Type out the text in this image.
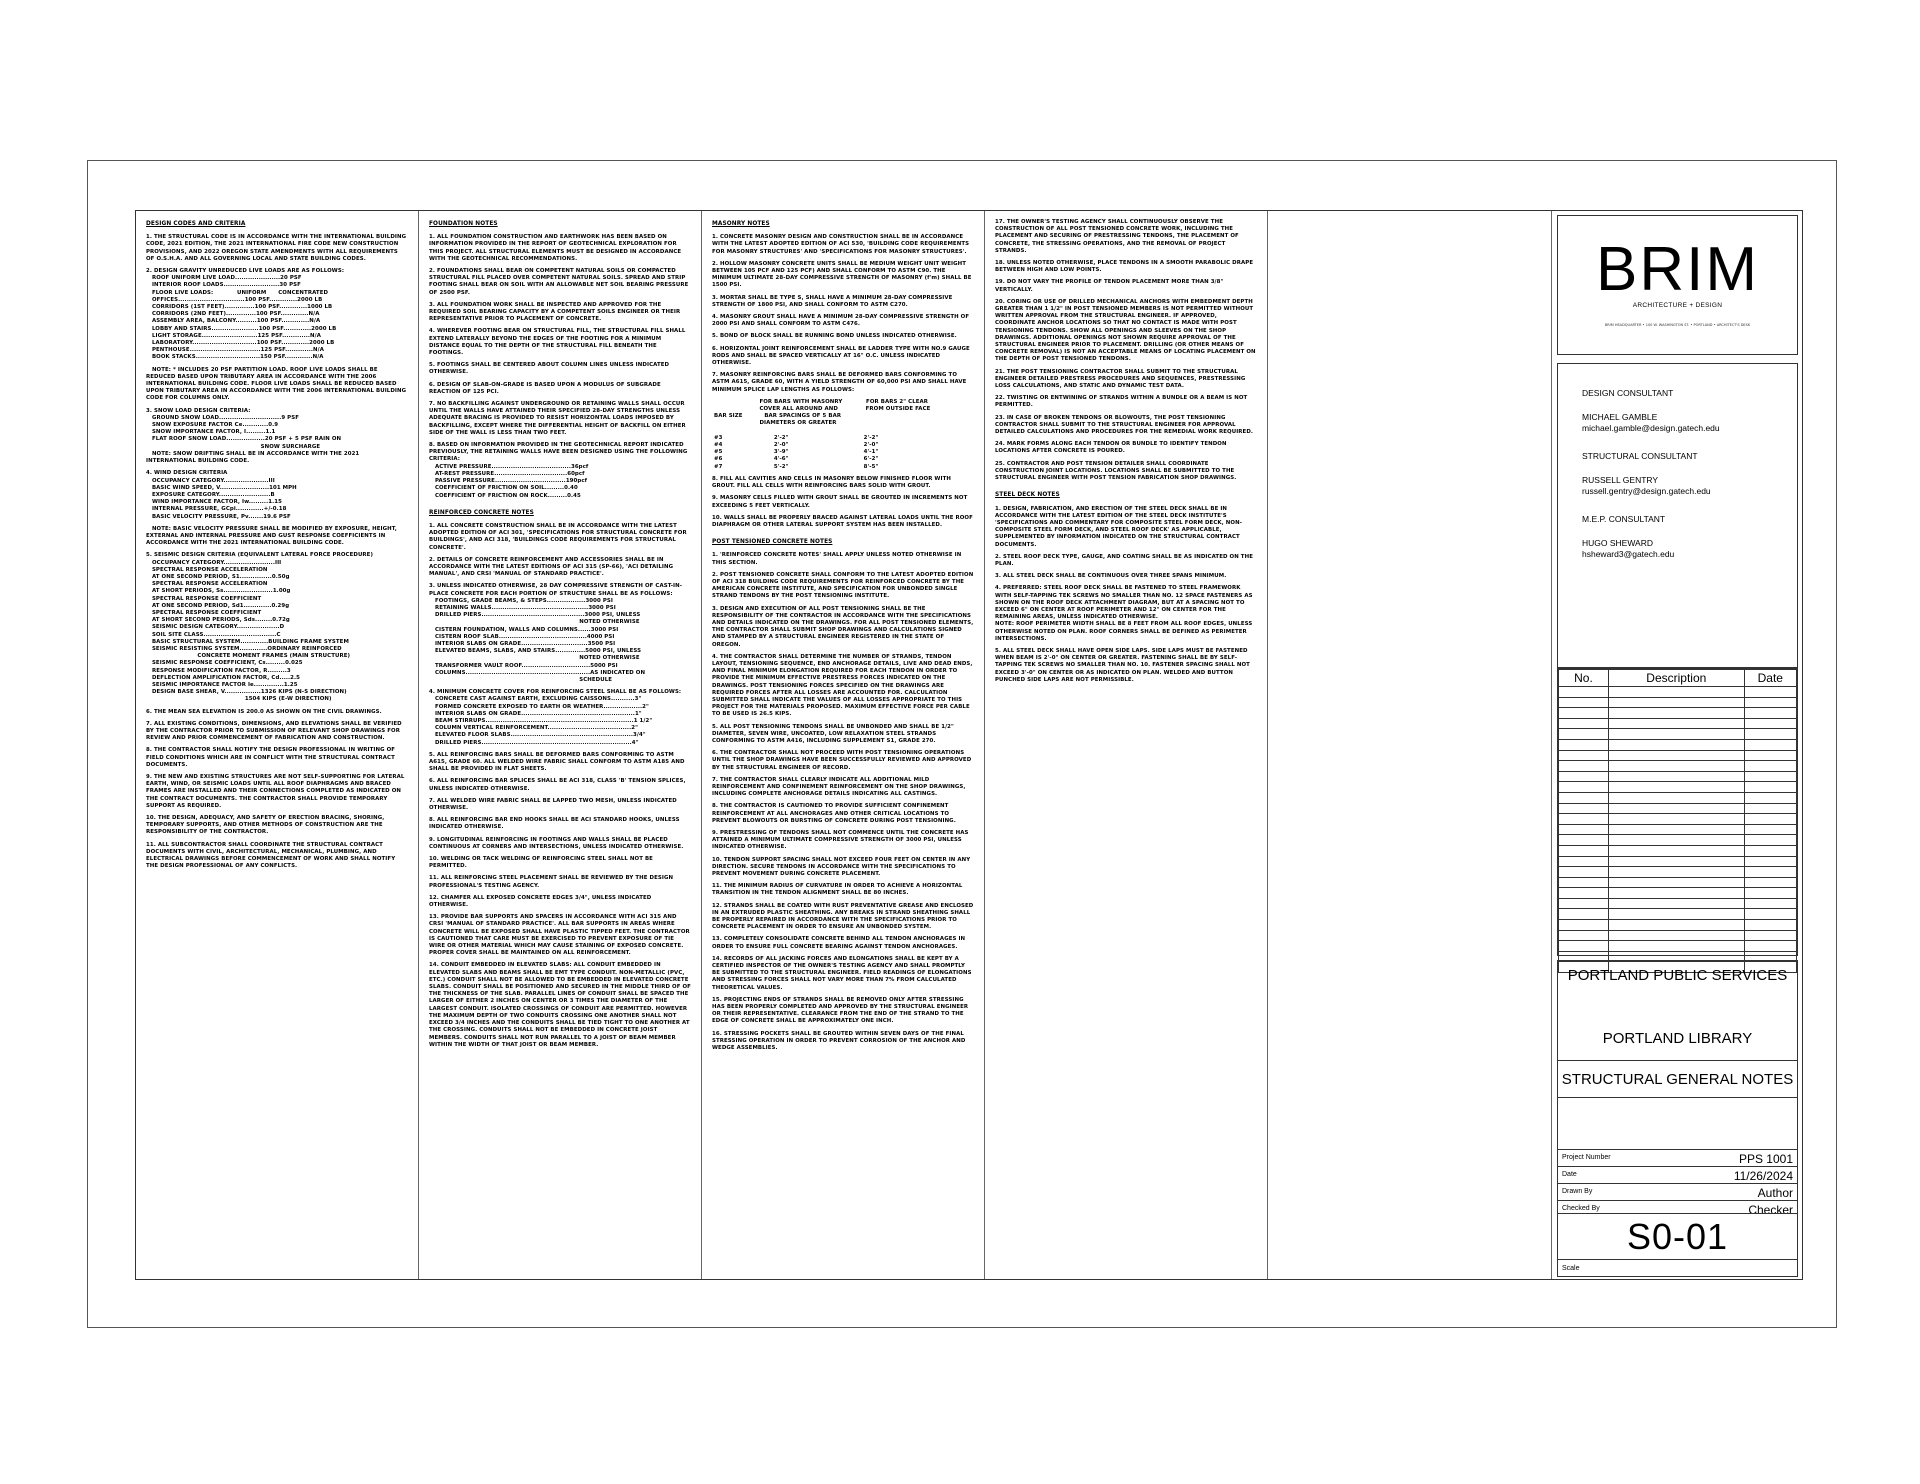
DESIGN CODES AND CRITERIA

1. THE STRUCTURAL CODE IS IN ACCORDANCE WITH THE INTERNATIONAL BUILDING CODE, 2021 EDITION, THE 2021 INTERNATIONAL FIRE CODE NEW CONSTRUCTION PROVISIONS, AND 2022 OREGON STATE AMENDMENTS WITH ALL REQUIREMENTS OF O.S.H.A. AND ALL GOVERNING LOCAL AND STATE BUILDING CODES.

2. DESIGN GRAVITY UNREDUCED LIVE LOADS ARE AS FOLLOWS:
ROOF UNIFORM LIVE LOAD.....................20 PSF
INTERIOR ROOF LOADS..........................30 PSF
FLOOR LIVE LOADS:            UNIFORM      CONCENTRATED
OFFICES...............................100 PSF.............2000 LB
CORRIDORS (1ST FEET)..............100 PSF.............1000 LB
CORRIDORS (2ND FEET)..............100 PSF.............N/A
ASSEMBLY AREA, BALCONY..........100 PSF.............N/A
LOBBY AND STAIRS......................100 PSF.............2000 LB
LIGHT STORAGE..........................125 PSF.............N/A
LABORATORY..............................100 PSF.............2000 LB
PENTHOUSE.................................125 PSF.............N/A
BOOK STACKS..............................150 PSF.............N/A

NOTE: * INCLUDES 20 PSF PARTITION LOAD. ROOF LIVE LOADS SHALL BE REDUCED BASED UPON TRIBUTARY AREA IN ACCORDANCE WITH THE 2006 INTERNATIONAL BUILDING CODE. FLOOR LIVE LOADS SHALL BE REDUCED BASED UPON TRIBUTARY AREA IN ACCORDANCE WITH THE 2006 INTERNATIONAL BUILDING CODE FOR COLUMNS ONLY.

3. SNOW LOAD DESIGN CRITERIA:
GROUND SNOW LOAD.............................9 PSF
SNOW EXPOSURE FACTOR Ce............0.9
SNOW IMPORTANCE FACTOR, I.........1.1
FLAT ROOF SNOW LOAD..................20 PSF + 5 PSF RAIN ON
SNOW SURCHARGE
NOTE: SNOW DRIFTING SHALL BE IN ACCORDANCE WITH THE 2021 INTERNATIONAL BUILDING CODE.

4. WIND DESIGN CRITERIA
OCCUPANCY CATEGORY.....................III
BASIC WIND SPEED, V.......................101 MPH
EXPOSURE CATEGORY........................B
WIND IMPORTANCE FACTOR, Iw.........1.15
INTERNAL PRESSURE, GCpi.............+/-0.18
BASIC VELOCITY PRESSURE, Pv.......19.6 PSF

NOTE: BASIC VELOCITY PRESSURE SHALL BE MODIFIED BY EXPOSURE, HEIGHT, EXTERNAL AND INTERNAL PRESSURE AND GUST RESPONSE COEFFICIENTS IN ACCORDANCE WITH THE 2021 INTERNATIONAL BUILDING CODE.

5. SEISMIC DESIGN CRITERIA (EQUIVALENT LATERAL FORCE PROCEDURE)
OCCUPANCY CATEGORY........................III
SPECTRAL RESPONSE ACCELERATION
AT ONE SECOND PERIOD, S1...............0.50g
SPECTRAL RESPONSE ACCELERATION
AT SHORT PERIODS, Ss.......................1.00g
SPECTRAL RESPONSE COEFFICIENT
AT ONE SECOND PERIOD, Sd1.............0.29g
SPECTRAL RESPONSE COEFFICIENT
AT SHORT SECOND PERIODS, Sds........0.72g
SEISMIC DESIGN CATEGORY....................D
SOIL SITE CLASS..................................C
BASIC STRUCTURAL SYSTEM.............BUILDING FRAME SYSTEM
SEISMIC RESISTING SYSTEM.............ORDINARY REINFORCED
CONCRETE MOMENT FRAMES (MAIN STRUCTURE)
SEISMIC RESPONSE COEFFICIENT, Cs.........0.025
RESPONSE MODIFICATION FACTOR, R.........3
DEFLECTION AMPLIFICATION FACTOR, Cd.....2.5
SEISMIC IMPORTANCE FACTOR Ie..............1.25
DESIGN BASE SHEAR, V.................1326 KIPS (N-S DIRECTION)
1504 KIPS (E-W DIRECTION)

6. THE MEAN SEA ELEVATION IS 200.0 AS SHOWN ON THE CIVIL DRAWINGS.

7. ALL EXISTING CONDITIONS, DIMENSIONS, AND ELEVATIONS SHALL BE VERIFIED BY THE CONTRACTOR PRIOR TO SUBMISSION OF RELEVANT SHOP DRAWINGS FOR REVIEW AND PRIOR COMMENCEMENT OF FABRICATION AND CONSTRUCTION.

8. THE CONTRACTOR SHALL NOTIFY THE DESIGN PROFESSIONAL IN WRITING OF FIELD CONDITIONS WHICH ARE IN CONFLICT WITH THE STRUCTURAL CONTRACT DOCUMENTS.

9. THE NEW AND EXISTING STRUCTURES ARE NOT SELF-SUPPORTING FOR LATERAL EARTH, WIND, OR SEISMIC LOADS UNTIL ALL ROOF DIAPHRAGMS AND BRACED FRAMES ARE INSTALLED AND THEIR CONNECTIONS COMPLETED AS INDICATED ON THE CONTRACT DOCUMENTS. THE CONTRACTOR SHALL PROVIDE TEMPORARY SUPPORT AS REQUIRED.

10. THE DESIGN, ADEQUACY, AND SAFETY OF ERECTION BRACING, SHORING, TEMPORARY SUPPORTS, AND OTHER METHODS OF CONSTRUCTION ARE THE RESPONSIBILITY OF THE CONTRACTOR.

11. ALL SUBCONTRACTOR SHALL COORDINATE THE STRUCTURAL CONTRACT DOCUMENTS WITH CIVIL, ARCHITECTURAL, MECHANICAL, PLUMBING, AND ELECTRICAL DRAWINGS BEFORE COMMENCEMENT OF WORK AND SHALL NOTIFY THE DESIGN PROFESSIONAL OF ANY CONFLICTS.

FOUNDATION NOTES

1. ALL FOUNDATION CONSTRUCTION AND EARTHWORK HAS BEEN BASED ON INFORMATION PROVIDED IN THE REPORT OF GEOTECHNICAL EXPLORATION FOR THIS PROJECT. ALL STRUCTURAL ELEMENTS MUST BE DESIGNED IN ACCORDANCE WITH THE GEOTECHNICAL RECOMMENDATIONS.

2. FOUNDATIONS SHALL BEAR ON COMPETENT NATURAL SOILS OR COMPACTED STRUCTURAL FILL PLACED OVER COMPETENT NATURAL SOILS. SPREAD AND STRIP FOOTING SHALL BEAR ON SOIL WITH AN ALLOWABLE NET SOIL BEARING PRESSURE OF 2500 PSF.

3. ALL FOUNDATION WORK SHALL BE INSPECTED AND APPROVED FOR THE REQUIRED SOIL BEARING CAPACITY BY A COMPETENT SOILS ENGINEER OR THEIR REPRESENTATIVE PRIOR TO PLACEMENT OF CONCRETE.

4. WHEREVER FOOTING BEAR ON STRUCTURAL FILL, THE STRUCTURAL FILL SHALL EXTEND LATERALLY BEYOND THE EDGES OF THE FOOTING FOR A MINIMUM DISTANCE EQUAL TO THE DEPTH OF THE STRUCTURAL FILL BENEATH THE FOOTINGS.

5. FOOTINGS SHALL BE CENTERED ABOUT COLUMN LINES UNLESS INDICATED OTHERWISE.

6. DESIGN OF SLAB-ON-GRADE IS BASED UPON A MODULUS OF SUBGRADE REACTION OF 125 PCI.

7. NO BACKFILLING AGAINST UNDERGROUND OR RETAINING WALLS SHALL OCCUR UNTIL THE WALLS HAVE ATTAINED THEIR SPECIFIED 28-DAY STRENGTHS UNLESS ADEQUATE BRACING IS PROVIDED TO RESIST HORIZONTAL LOADS IMPOSED BY BACKFILLING, EXCEPT WHERE THE DIFFERENTIAL HEIGHT OF BACKFILL ON EITHER SIDE OF THE WALL IS LESS THAN TWO FEET.

8. BASED ON INFORMATION PROVIDED IN THE GEOTECHNICAL REPORT INDICATED PREVIOUSLY, THE RETAINING WALLS HAVE BEEN DESIGNED USING THE FOLLOWING CRITERIA:
ACTIVE PRESSURE.....................................36pcf
AT-REST PRESSURE..................................60pcf
PASSIVE PRESSURE.................................190pcf
COEFFICIENT OF FRICTION ON SOIL.........0.40
COEFFICIENT OF FRICTION ON ROCK.........0.45

REINFORCED CONCRETE NOTES

1. ALL CONCRETE CONSTRUCTION SHALL BE IN ACCORDANCE WITH THE LATEST ADOPTED EDITION OF ACI 301, 'SPECIFICATIONS FOR STRUCTURAL CONCRETE FOR BUILDINGS', AND ACI 318, 'BUILDINGS CODE REQUIREMENTS FOR STRUCTURAL CONCRETE'.

2. DETAILS OF CONCRETE REINFORCEMENT AND ACCESSORIES SHALL BE IN ACCORDANCE WITH THE LATEST EDITIONS OF ACI 315 (SP-66), 'ACI DETAILING MANUAL', AND CRSI 'MANUAL OF STANDARD PRACTICE'.

3. UNLESS INDICATED OTHERWISE, 28 DAY COMPRESSIVE STRENGTH OF CAST-IN-PLACE CONCRETE FOR EACH PORTION OF STRUCTURE SHALL BE AS FOLLOWS:
FOOTINGS, GRADE BEAMS, & STEPS..................3000 PSI
RETAINING WALLS.............................................3000 PSI
DRILLED PIERS................................................3000 PSI, UNLESS
NOTED OTHERWISE
CISTERN FOUNDATION, WALLS AND COLUMNS......3000 PSI
CISTERN ROOF SLAB.........................................4000 PSI
INTERIOR SLABS ON GRADE...............................3500 PSI
ELEVATED BEAMS, SLABS, AND STAIRS..............5000 PSI, UNLESS
NOTED OTHERWISE
TRANSFORMER VAULT ROOF................................5000 PSI
COLUMNS..........................................................AS INDICATED ON
SCHEDULE

4. MINIMUM CONCRETE COVER FOR REINFORCING STEEL SHALL BE AS FOLLOWS:
CONCRETE CAST AGAINST EARTH, EXCLUDING CAISSONS...........3"
FORMED CONCRETE EXPOSED TO EARTH OR WEATHER..................2"
INTERIOR SLABS ON GRADE.....................................................1"
BEAM STIRRUPS.....................................................................1 1/2"
COLUMN VERTICAL REINFORCEMENT.......................................2"
ELEVATED FLOOR SLABS.........................................................3/4"
DRILLED PIERS......................................................................4"

5. ALL REINFORCING BARS SHALL BE DEFORMED BARS CONFORMING TO ASTM A615, GRADE 60. ALL WELDED WIRE FABRIC SHALL CONFORM TO ASTM A185 AND SHALL BE PROVIDED IN FLAT SHEETS.

6. ALL REINFORCING BAR SPLICES SHALL BE ACI 318, CLASS 'B' TENSION SPLICES, UNLESS INDICATED OTHERWISE.

7. ALL WELDED WIRE FABRIC SHALL BE LAPPED TWO MESH, UNLESS INDICATED OTHERWISE.

8. ALL REINFORCING BAR END HOOKS SHALL BE ACI STANDARD HOOKS, UNLESS INDICATED OTHERWISE.

9. LONGITUDINAL REINFORCING IN FOOTINGS AND WALLS SHALL BE PLACED CONTINUOUS AT CORNERS AND INTERSECTIONS, UNLESS INDICATED OTHERWISE.

10. WELDING OR TACK WELDING OF REINFORCING STEEL SHALL NOT BE PERMITTED.

11. ALL REINFORCING STEEL PLACEMENT SHALL BE REVIEWED BY THE DESIGN PROFESSIONAL'S TESTING AGENCY.

12. CHAMFER ALL EXPOSED CONCRETE EDGES 3/4", UNLESS INDICATED OTHERWISE.

13. PROVIDE BAR SUPPORTS AND SPACERS IN ACCORDANCE WITH ACI 315 AND CRSI 'MANUAL OF STANDARD PRACTICE'. ALL BAR SUPPORTS IN AREAS WHERE CONCRETE WILL BE EXPOSED SHALL HAVE PLASTIC TIPPED FEET. THE CONTRACTOR IS CAUTIONED THAT CARE MUST BE EXERCISED TO PREVENT EXPOSURE OF TIE WIRE OR OTHER MATERIAL WHICH MAY CAUSE STAINING OF EXPOSED CONCRETE. PROPER COVER SHALL BE MAINTAINED ON ALL REINFORCEMENT.

14. CONDUIT EMBEDDED IN ELEVATED SLABS: ALL CONDUIT EMBEDDED IN ELEVATED SLABS AND BEAMS SHALL BE EMT TYPE CONDUIT. NON-METALLIC (PVC, ETC.) CONDUIT SHALL NOT BE ALLOWED TO BE EMBEDDED IN ELEVATED CONCRETE SLABS. CONDUIT SHALL BE POSITIONED AND SECURED IN THE MIDDLE THIRD OF OF THE THICKNESS OF THE SLAB. PARALLEL LINES OF CONDUIT SHALL BE SPACED THE LARGER OF EITHER 2 INCHES ON CENTER OR 3 TIMES THE DIAMETER OF THE LARGEST CONDUIT. ISOLATED CROSSINGS OF CONDUIT ARE PERMITTED. HOWEVER THE MAXIMUM DEPTH OF TWO CONDUITS CROSSING ONE ANOTHER SHALL NOT EXCEED 3/4 INCHES AND THE CONDUITS SHALL BE TIED TIGHT TO ONE ANOTHER AT THE CROSSING. CONDUITS SHALL NOT BE EMBEDDED IN CONCRETE JOIST MEMBERS. CONDUITS SHALL NOT RUN PARALLEL TO A JOIST OF BEAM MEMBER WITHIN THE WIDTH OF THAT JOIST OR BEAM MEMBER.

MASONRY NOTES

1. CONCRETE MASONRY DESIGN AND CONSTRUCTION SHALL BE IN ACCORDANCE WITH THE LATEST ADOPTED EDITION OF ACI 530, 'BUILDING CODE REQUIREMENTS FOR MASONRY STRUCTURES' AND 'SPECIFICATIONS FOR MASONRY STRUCTURES'.

2. HOLLOW MASONRY CONCRETE UNITS SHALL BE MEDIUM WEIGHT UNIT WEIGHT BETWEEN 105 PCF AND 125 PCF) AND SHALL CONFORM TO ASTM C90. THE MINIMUM ULTIMATE 28-DAY COMPRESSIVE STRENGTH OF MASONRY (f'm) SHALL BE 1500 PSI.

3. MORTAR SHALL BE TYPE S, SHALL HAVE A MINIMUM 28-DAY COMPRESSIVE STRENGTH OF 1800 PSI, AND SHALL CONFORM TO ASTM C270.

4. MASONRY GROUT SHALL HAVE A MINIMUM 28-DAY COMPRESSIVE STRENGTH OF 2000 PSI AND SHALL CONFORM TO ASTM C476.

5. BOND OF BLOCK SHALL BE RUNNING BOND UNLESS INDICATED OTHERWISE.

6. HORIZONTAL JOINT REINFORCEMENT SHALL BE LADDER TYPE WITH NO.9 GAUGE RODS AND SHALL BE SPACED VERTICALLY AT 16" O.C. UNLESS INDICATED OTHERWISE.

7. MASONRY REINFORCING BARS SHALL BE DEFORMED BARS CONFORMING TO ASTM A615, GRADE 60, WITH A YIELD STRENGTH OF 60,000 PSI AND SHALL HAVE MINIMUM SPLICE LAP LENGTHS AS FOLLOWS:

FOR BARS WITH MASONRY            FOR BARS 2" CLEAR
COVER ALL AROUND AND              FROM OUTSIDE FACE
BAR SIZE           BAR SPACINGS OF 5 BAR
DIAMETERS OR GREATER

#3                          2'-2"                                      2'-2"
#4                          2'-0"                                      2'-0"
#5                          3'-9"                                      4'-1"
#6                          4'-6"                                      6'-2"
#7                          5'-2"                                      8'-5"

8. FILL ALL CAVITIES AND CELLS IN MASONRY BELOW FINISHED FLOOR WITH GROUT. FILL ALL CELLS WITH REINFORCING BARS SOLID WITH GROUT.

9. MASONRY CELLS FILLED WITH GROUT SHALL BE GROUTED IN INCREMENTS NOT EXCEEDING 5 FEET VERTICALLY.

10. WALLS SHALL BE PROPERLY BRACED AGAINST LATERAL LOADS UNTIL THE ROOF DIAPHRAGM OR OTHER LATERAL SUPPORT SYSTEM HAS BEEN INSTALLED.

POST TENSIONED CONCRETE NOTES

1. 'REINFORCED CONCRETE NOTES' SHALL APPLY UNLESS NOTED OTHERWISE IN THIS SECTION.

2. POST TENSIONED CONCRETE SHALL CONFORM TO THE LATEST ADOPTED EDITION OF ACI 318 BUILDING CODE REQUIREMENTS FOR REINFORCED CONCRETE BY THE AMERICAN CONCRETE INSTITUTE, AND SPECIFICATION FOR UNBONDED SINGLE STRAND TENDONS BY THE POST TENSIONING INSTITUTE.

3. DESIGN AND EXECUTION OF ALL POST TENSIONING SHALL BE THE RESPONSIBILITY OF THE CONTRACTOR IN ACCORDANCE WITH THE SPECIFICATIONS AND DETAILS INDICATED ON THE DRAWINGS. FOR ALL POST TENSIONED ELEMENTS, THE CONTRACTOR SHALL SUBMIT SHOP DRAWINGS AND CALCULATIONS SIGNED AND STAMPED BY A STRUCTURAL ENGINEER REGISTERED IN THE STATE OF OREGON.

4. THE CONTRACTOR SHALL DETERMINE THE NUMBER OF STRANDS, TENDON LAYOUT, TENSIONING SEQUENCE, END ANCHORAGE DETAILS, LIVE AND DEAD ENDS, AND FINAL MINIMUM ELONGATION REQUIRED FOR EACH TENDON IN ORDER TO PROVIDE THE MINIMUM EFFECTIVE PRESTRESS FORCES INDICATED ON THE DRAWINGS. POST TENSIONING FORCES SPECIFIED ON THE DRAWINGS ARE REQUIRED FORCES AFTER ALL LOSSES ARE ACCOUNTED FOR. CALCULATION SUBMITTED SHALL INDICATE THE VALUES OF ALL LOSSES APPROPRIATE TO THIS PROJECT FOR THE MATERIALS PROPOSED. MAXIMUM EFFECTIVE FORCE PER CABLE TO BE USED IS 26.5 KIPS.

5. ALL POST TENSIONING TENDONS SHALL BE UNBONDED AND SHALL BE 1/2" DIAMETER, SEVEN WIRE, UNCOATED, LOW RELAXATION STEEL STRANDS CONFORMING TO ASTM A416, INCLUDING SUPPLEMENT S1, GRADE 270.

6. THE CONTRACTOR SHALL NOT PROCEED WITH POST TENSIONING OPERATIONS UNTIL THE SHOP DRAWINGS HAVE BEEN SUCCESSFULLY REVIEWED AND APPROVED BY THE STRUCTURAL ENGINEER OF RECORD.

7. THE CONTRACTOR SHALL CLEARLY INDICATE ALL ADDITIONAL MILD REINFORCEMENT AND CONFINEMENT REINFORCEMENT ON THE SHOP DRAWINGS, INCLUDING COMPLETE ANCHORAGE DETAILS INDICATING ALL CASTINGS.

8. THE CONTRACTOR IS CAUTIONED TO PROVIDE SUFFICIENT CONFINEMENT REINFORCEMENT AT ALL ANCHORAGES AND OTHER CRITICAL LOCATIONS TO PREVENT BLOWOUTS OR BURSTING OF CONCRETE DURING POST TENSIONING.

9. PRESTRESSING OF TENDONS SHALL NOT COMMENCE UNTIL THE CONCRETE HAS ATTAINED A MINIMUM ULTIMATE COMPRESSIVE STRENGTH OF 3000 PSI, UNLESS INDICATED OTHERWISE.

10. TENDON SUPPORT SPACING SHALL NOT EXCEED FOUR FEET ON CENTER IN ANY DIRECTION. SECURE TENDONS IN ACCORDANCE WITH THE SPECIFICATIONS TO PREVENT MOVEMENT DURING CONCRETE PLACEMENT.

11. THE MINIMUM RADIUS OF CURVATURE IN ORDER TO ACHIEVE A HORIZONTAL TRANSITION IN THE TENDON ALIGNMENT SHALL BE 80 INCHES.

12. STRANDS SHALL BE COATED WITH RUST PREVENTATIVE GREASE AND ENCLOSED IN AN EXTRUDED PLASTIC SHEATHING. ANY BREAKS IN STRAND SHEATHING SHALL BE PROPERLY REPAIRED IN ACCORDANCE WITH THE SPECIFICATIONS PRIOR TO CONCRETE PLACEMENT IN ORDER TO ENSURE AN UNBONDED SYSTEM.

13. COMPLETELY CONSOLIDATE CONCRETE BEHIND ALL TENDON ANCHORAGES IN ORDER TO ENSURE FULL CONCRETE BEARING AGAINST TENDON ANCHORAGES.

14. RECORDS OF ALL JACKING FORCES AND ELONGATIONS SHALL BE KEPT BY A CERTIFIED INSPECTOR OF THE OWNER'S TESTING AGENCY AND SHALL PROMPTLY BE SUBMITTED TO THE STRUCTURAL ENGINEER. FIELD READINGS OF ELONGATIONS AND STRESSING FORCES SHALL NOT VARY MORE THAN 7% FROM CALCULATED THEORETICAL VALUES.

15. PROJECTING ENDS OF STRANDS SHALL BE REMOVED ONLY AFTER STRESSING HAS BEEN PROPERLY COMPLETED AND APPROVED BY THE STRUCTURAL ENGINEER OR THEIR REPRESENTATIVE. CLEARANCE FROM THE END OF THE STRAND TO THE EDGE OF CONCRETE SHALL BE APPROXIMATELY ONE INCH.

16. STRESSING POCKETS SHALL BE GROUTED WITHIN SEVEN DAYS OF THE FINAL STRESSING OPERATION IN ORDER TO PREVENT CORROSION OF THE ANCHOR AND WEDGE ASSEMBLIES.

17. THE OWNER'S TESTING AGENCY SHALL CONTINUOUSLY OBSERVE THE CONSTRUCTION OF ALL POST TENSIONED CONCRETE WORK, INCLUDING THE PLACEMENT AND SECURING OF PRESTRESSING TENDONS, THE PLACEMENT OF CONCRETE, THE STRESSING OPERATIONS, AND THE REMOVAL OF PROJECT STRANDS.

18. UNLESS NOTED OTHERWISE, PLACE TENDONS IN A SMOOTH PARABOLIC DRAPE BETWEEN HIGH AND LOW POINTS.

19. DO NOT VARY THE PROFILE OF TENDON PLACEMENT MORE THAN 3/8" VERTICALLY.

20. CORING OR USE OF DRILLED MECHANICAL ANCHORS WITH EMBEDMENT DEPTH GREATER THAN 1 1/2" IN POST TENSIONED MEMBERS IS NOT PERMITTED WITHOUT WRITTEN APPROVAL FROM THE STRUCTURAL ENGINEER. IF APPROVED, COORDINATE ANCHOR LOCATIONS SO THAT NO CONTACT IS MADE WITH POST TENSIONING TENDONS. SHOW ALL OPENINGS AND SLEEVES ON THE SHOP DRAWINGS. ADDITIONAL OPENINGS NOT SHOWN REQUIRE APPROVAL OF THE STRUCTURAL ENGINEER PRIOR TO PLACEMENT. DRILLING (OR OTHER MEANS OF CONCRETE REMOVAL) IS NOT AN ACCEPTABLE MEANS OF LOCATING PLACEMENT ON THE DEPTH OF POST TENSIONED TENDONS.

21. THE POST TENSIONING CONTRACTOR SHALL SUBMIT TO THE STRUCTURAL ENGINEER DETAILED PRESTRESS PROCEDURES AND SEQUENCES, PRESTRESSING LOSS CALCULATIONS, AND STATIC AND DYNAMIC TEST DATA.

22. TWISTING OR ENTWINING OF STRANDS WITHIN A BUNDLE OR A BEAM IS NOT PERMITTED.

23. IN CASE OF BROKEN TENDONS OR BLOWOUTS, THE POST TENSIONING CONTRACTOR SHALL SUBMIT TO THE STRUCTURAL ENGINEER FOR APPROVAL DETAILED CALCULATIONS AND PROCEDURES FOR THE REMEDIAL WORK REQUIRED.

24. MARK FORMS ALONG EACH TENDON OR BUNDLE TO IDENTIFY TENDON LOCATIONS AFTER CONCRETE IS POURED.

25. CONTRACTOR AND POST TENSION DETAILER SHALL COORDINATE CONSTRUCTION JOINT LOCATIONS. LOCATIONS SHALL BE SUBMITTED TO THE STRUCTURAL ENGINEER WITH POST TENSION FABRICATION SHOP DRAWINGS.

STEEL DECK NOTES

1. DESIGN, FABRICATION, AND ERECTION OF THE STEEL DECK SHALL BE IN ACCORDANCE WITH THE LATEST EDITION OF THE STEEL DECK INSTITUTE'S 'SPECIFICATIONS AND COMMENTARY FOR COMPOSITE STEEL FORM DECK, NON-COMPOSITE STEEL FORM DECK, AND STEEL ROOF DECK' AS APPLICABLE, SUPPLEMENTED BY INFORMATION INDICATED ON THE STRUCTURAL CONTRACT DOCUMENTS.

2. STEEL ROOF DECK TYPE, GAUGE, AND COATING SHALL BE AS INDICATED ON THE PLAN.

3. ALL STEEL DECK SHALL BE CONTINUOUS OVER THREE SPANS MINIMUM.

4. PREFERRED: STEEL ROOF DECK SHALL BE FASTENED TO STEEL FRAMEWORK WITH SELF-TAPPING TEK SCREWS NO SMALLER THAN NO. 12 SPACE FASTENERS AS SHOWN ON THE ROOF DECK ATTACHMENT DIAGRAM, BUT AT A SPACING NOT TO EXCEED 6" ON CENTER AT ROOF PERIMETER AND 12" ON CENTER FOR THE REMAINING AREAS, UNLESS INDICATED OTHERWISE.
NOTE: ROOF PERIMETER WIDTH SHALL BE 8 FEET FROM ALL ROOF EDGES, UNLESS OTHERWISE NOTED ON PLAN. ROOF CORNERS SHALL BE DEFINED AS PERIMETER INTERSECTIONS.

5. ALL STEEL DECK SHALL HAVE OPEN SIDE LAPS. SIDE LAPS MUST BE FASTENED WHEN BEAM IS 2'-0" ON CENTER OR GREATER. FASTENING SHALL BE BY SELF-TAPPING TEK SCREWS NO SMALLER THAN NO. 10. FASTENER SPACING SHALL NOT EXCEED 3'-0" ON CENTER OR AS INDICATED ON PLAN. WELDED AND BUTTON PUNCHED SIDE LAPS ARE NOT PERMISSIBLE.

BRIM
ARCHITECTURE + DESIGN
BRIM HEADQUARTER • 100 W. WASHINGTON ST. • PORTLAND • ARCHITECT'S DESK
DESIGN CONSULTANT
MICHAEL GAMBLE
michael.gamble@design.gatech.edu
STRUCTURAL CONSULTANT
RUSSELL GENTRY
russell.gentry@design.gatech.edu
M.E.P. CONSULTANT
HUGO SHEWARD
hsheward3@gatech.edu
No.	Description	Date

PORTLAND PUBLIC SERVICES
PORTLAND LIBRARY
STRUCTURAL GENERAL NOTES
Project Number	PPS 1001
Date	11/26/2024
Drawn By	Author
Checked By	Checker
S0-01
Scale
